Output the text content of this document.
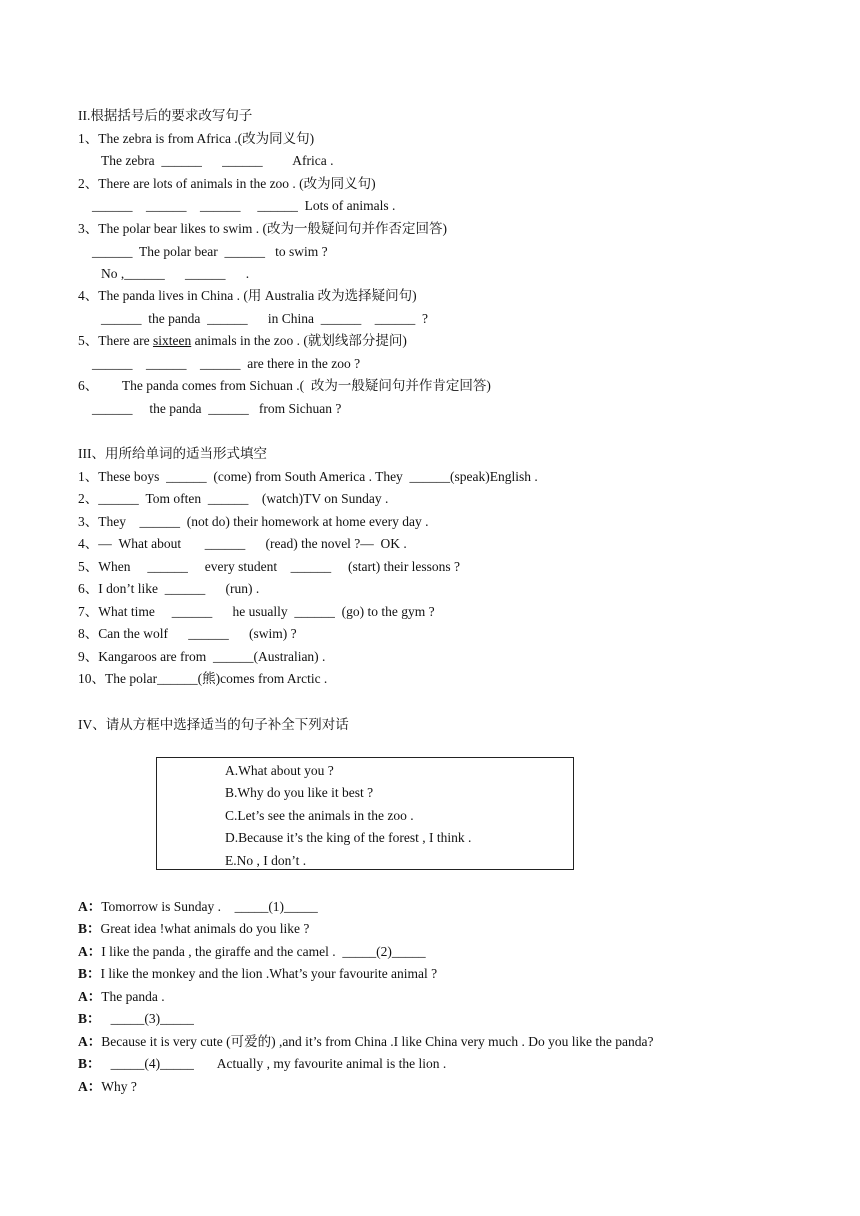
II.根据括号后的要求改写句子
1、The zebra is from Africa .(改为同义句)
The zebra  ______      ______         Africa .
2、There are lots of animals in the zoo . (改为同义句)
______    ______    ______     ______  Lots of animals .
3、The polar bear likes to swim . (改为一般疑问句并作否定回答)
______  The polar bear  ______   to swim ?
No ,______      ______      .
4、The panda lives in China . (用 Australia 改为选择疑问句)
______  the panda  ______      in China  ______    ______  ?
5、There are sixteen animals in the zoo . (就划线部分提问)
______    ______    ______  are there in the zoo ?
6、       The panda comes from Sichuan .(  改为一般疑问句并作肯定回答)
______     the panda  ______   from Sichuan ?
III、用所给单词的适当形式填空
1、These boys  ______  (come) from South America . They  ______(speak)English .
2、______  Tom often  ______    (watch)TV on Sunday .
3、They    ______  (not do) their homework at home every day .
4、—  What about       ______      (read) the novel ?—  OK .
5、When     ______     every student    ______     (start) their lessons ?
6、I don’t like  ______      (run) .
7、What time     ______      he usually  ______  (go) to the gym ?
8、Can the wolf      ______      (swim) ?
9、Kangaroos are from  ______(Australian) .
10、The polar______(熊)comes from Arctic .
IV、请从方框中选择适当的句子补全下列对话
A.What about you ?
B.Why do you like it best ?
C.Let’s see the animals in the zoo .
D.Because it’s the king of the forest , I think .
E.No , I don’t .
A：Tomorrow is Sunday .    _____(1)_____
B：Great idea !what animals do you like ?
A：I like the panda , the giraffe and the camel .  _____(2)_____
B：I like the monkey and the lion .What’s your favourite animal ?
A：The panda .
B： _____(3)_____
A：Because it is very cute (可爱的) ,and it’s from China .I like China very much . Do you like the panda?
B： _____(4)_____       Actually , my favourite animal is the lion .
A：Why ?
